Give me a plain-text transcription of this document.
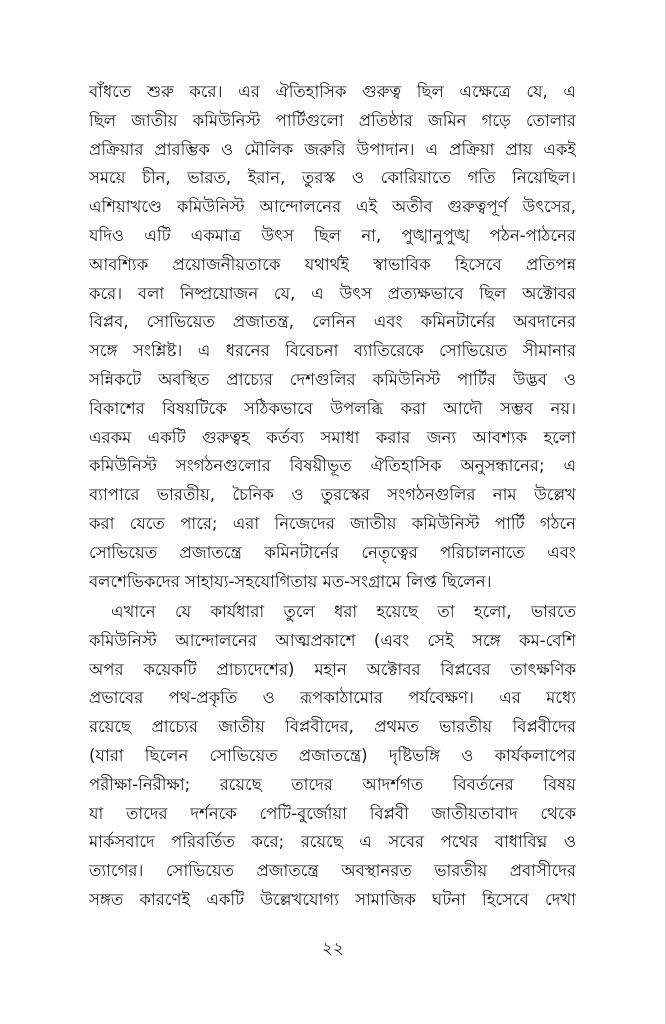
বাঁধতে শুরু করে। এর ঐতিহাসিক গুরুত্ব ছিল এক্ষেত্রে যে, এ
ছিল জাতীয় কমিউনিস্ট পার্টিগুলো প্রতিষ্ঠার জমিন গড়ে তোলার
প্রক্রিয়ার প্রারম্ভিক ও মৌলিক জরুরি উপাদান। এ প্রক্রিয়া প্রায় একই
সময়ে চীন, ভারত, ইরান, তুরস্ক ও কোরিয়াতে গতি নিয়েছিল।
এশিয়াখণ্ডে কমিউনিস্ট আন্দোলনের এই অতীব গুরুত্বপূর্ণ উৎসের,
যদিও এটি একমাত্র উৎস ছিল না, পুঙ্খানুপুঙ্খ পঠন-পাঠনের
আবশ্যিক প্রয়োজনীয়তাকে যথার্থই স্বাভাবিক হিসেবে প্রতিপন্ন
করে। বলা নিষ্প্রয়োজন যে, এ উৎস প্রত্যক্ষভাবে ছিল অক্টোবর
বিপ্লব, সোভিয়েত প্রজাতন্ত্র, লেনিন এবং কমিনটার্নের অবদানের
সঙ্গে সংশ্লিষ্ট। এ ধরনের বিবেচনা ব্যাতিরেকে সোভিয়েত সীমানার
সন্নিকটে অবস্থিত প্রাচ্যের দেশগুলির কমিউনিস্ট পার্টির উদ্ভব ও
বিকাশের বিষয়টিকে সঠিকভাবে উপলব্ধি করা আদৌ সম্ভব নয়।
এরকম একটি গুরুত্বহ কর্তব্য সমাধা করার জন্য আবশ্যক হলো
কমিউনিস্ট সংগঠনগুলোর বিষয়ীভূত ঐতিহাসিক অনুসন্ধানের; এ
ব্যাপারে ভারতীয়, চৈনিক ও তুরস্কের সংগঠনগুলির নাম উল্লেখ
করা যেতে পারে; এরা নিজেদের জাতীয় কমিউনিস্ট পার্টি গঠনে
সোভিয়েত প্রজাতন্ত্রে কমিনটার্নের নেতৃত্বের পরিচালনাতে এবং
বলশেভিকদের সাহায্য-সহযোগিতায় মত-সংগ্রামে লিপ্ত ছিলেন।
এখানে যে কার্যধারা তুলে ধরা হয়েছে তা হলো, ভারতে
কমিউনিস্ট আন্দোলনের আত্মপ্রকাশে (এবং সেই সঙ্গে কম-বেশি
অপর কয়েকটি প্রাচ্যদেশের) মহান অক্টোবর বিপ্লবের তাৎক্ষণিক
প্রভাবের পথ-প্রকৃতি ও রূপকাঠামোর পর্যবেক্ষণ। এর মধ্যে
রয়েছে প্রাচ্যের জাতীয় বিপ্লবীদের, প্রথমত ভারতীয় বিপ্লবীদের
(যারা ছিলেন সোভিয়েত প্রজাতন্ত্রে) দৃষ্টিভঙ্গি ও কার্যকলাপের
পরীক্ষা-নিরীক্ষা; রয়েছে তাদের আদর্শগত বিবর্তনের বিষয়
যা তাদের দর্শনকে পেটি-বুর্জোয়া বিপ্লবী জাতীয়তাবাদ থেকে
মার্কসবাদে পরিবর্তিত করে; রয়েছে এ সবের পথের বাধাবিঘ্ন ও
ত্যাগের। সোভিয়েত প্রজাতন্ত্রে অবস্থানরত ভারতীয় প্রবাসীদের
সঙ্গত কারণেই একটি উল্লেখযোগ্য সামাজিক ঘটনা হিসেবে দেখা
২২
